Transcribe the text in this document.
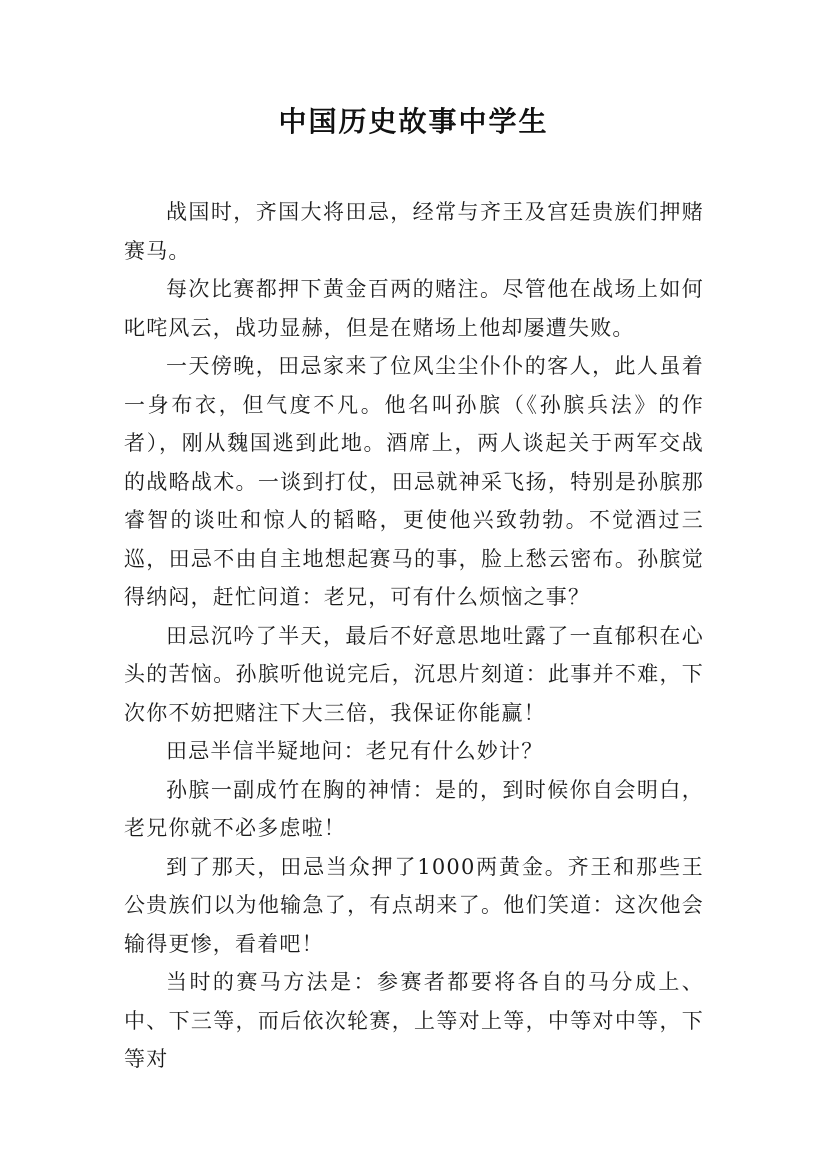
中国历史故事中学生

战国时，齐国大将田忌，经常与齐王及宫廷贵族们押赌赛马。

每次比赛都押下黄金百两的赌注。尽管他在战场上如何叱咤风云，战功显赫，但是在赌场上他却屡遭失败。

一天傍晚，田忌家来了位风尘尘仆仆的客人，此人虽着一身布衣，但气度不凡。他名叫孙膑（《孙膑兵法》的作者），刚从魏国逃到此地。酒席上，两人谈起关于两军交战的战略战术。一谈到打仗，田忌就神采飞扬，特别是孙膑那睿智的谈吐和惊人的韬略，更使他兴致勃勃。不觉酒过三巡，田忌不由自主地想起赛马的事，脸上愁云密布。孙膑觉得纳闷，赶忙问道：老兄，可有什么烦恼之事？

田忌沉吟了半天，最后不好意思地吐露了一直郁积在心头的苦恼。孙膑听他说完后，沉思片刻道：此事并不难，下次你不妨把赌注下大三倍，我保证你能赢！

田忌半信半疑地问：老兄有什么妙计？

孙膑一副成竹在胸的神情：是的，到时候你自会明白，老兄你就不必多虑啦！

到了那天，田忌当众押了1000两黄金。齐王和那些王公贵族们以为他输急了，有点胡来了。他们笑道：这次他会输得更惨，看着吧！

当时的赛马方法是：参赛者都要将各自的马分成上、中、下三等，而后依次轮赛，上等对上等，中等对中等，下等对
